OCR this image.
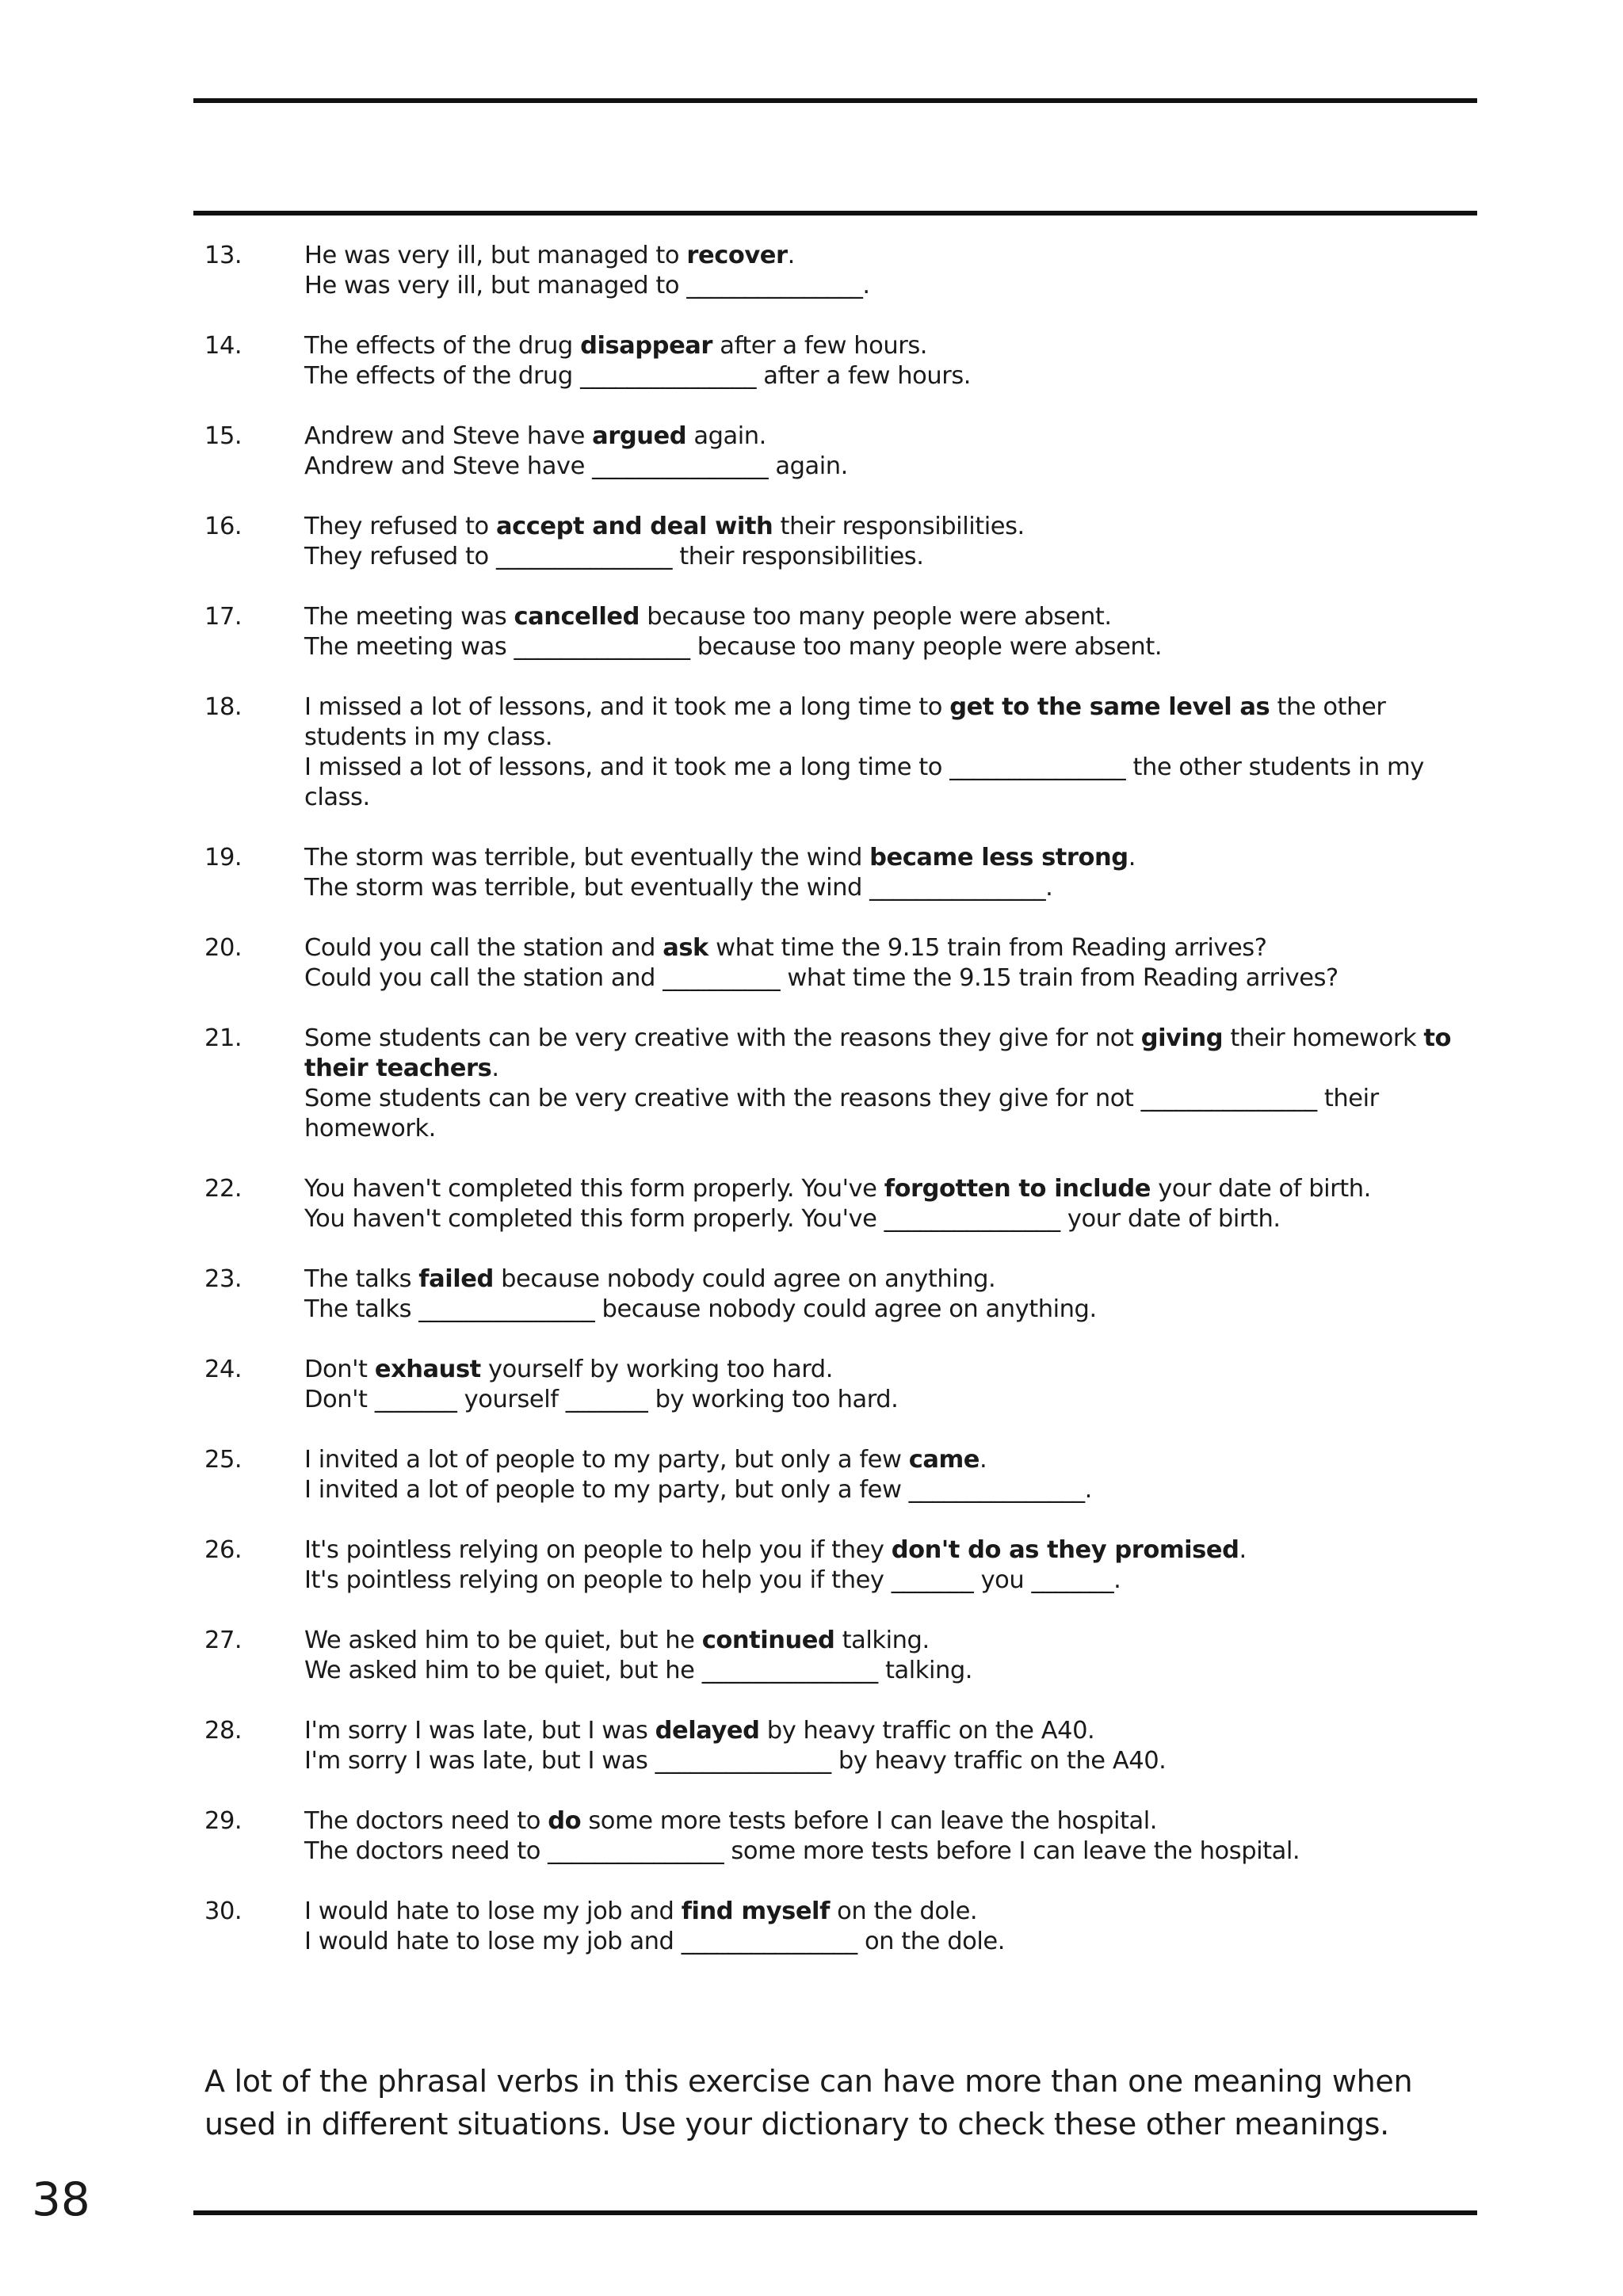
13.	He was very ill, but managed to recover.
He was very ill, but managed to _______________.
14.	The effects of the drug disappear after a few hours.
The effects of the drug _______________ after a few hours.
15.	Andrew and Steve have argued again.
Andrew and Steve have _______________ again.
16.	They refused to accept and deal with their responsibilities.
They refused to _______________ their responsibilities.
17.	The meeting was cancelled because too many people were absent.
The meeting was _______________ because too many people were absent.
18.	I missed a lot of lessons, and it took me a long time to get to the same level as the other students in my class.
I missed a lot of lessons, and it took me a long time to _______________ the other students in my class.
19.	The storm was terrible, but eventually the wind became less strong.
The storm was terrible, but eventually the wind _______________.
20.	Could you call the station and ask what time the 9.15 train from Reading arrives?
Could you call the station and __________ what time the 9.15 train from Reading arrives?
21.	Some students can be very creative with the reasons they give for not giving their homework to their teachers.
Some students can be very creative with the reasons they give for not _______________ their homework.
22.	You haven't completed this form properly. You've forgotten to include your date of birth.
You haven't completed this form properly. You've _______________ your date of birth.
23.	The talks failed because nobody could agree on anything.
The talks _______________ because nobody could agree on anything.
24.	Don't exhaust yourself by working too hard.
Don't _______ yourself _______ by working too hard.
25.	I invited a lot of people to my party, but only a few came.
I invited a lot of people to my party, but only a few _______________.
26.	It's pointless relying on people to help you if they don't do as they promised.
It's pointless relying on people to help you if they _______ you _______.
27.	We asked him to be quiet, but he continued talking.
We asked him to be quiet, but he _______________ talking.
28.	I'm sorry I was late, but I was delayed by heavy traffic on the A40.
I'm sorry I was late, but I was _______________ by heavy traffic on the A40.
29.	The doctors need to do some more tests before I can leave the hospital.
The doctors need to _______________ some more tests before I can leave the hospital.
30.	I would hate to lose my job and find myself on the dole.
I would hate to lose my job and _______________ on the dole.
A lot of the phrasal verbs in this exercise can have more than one meaning when used in different situations. Use your dictionary to check these other meanings.
38
